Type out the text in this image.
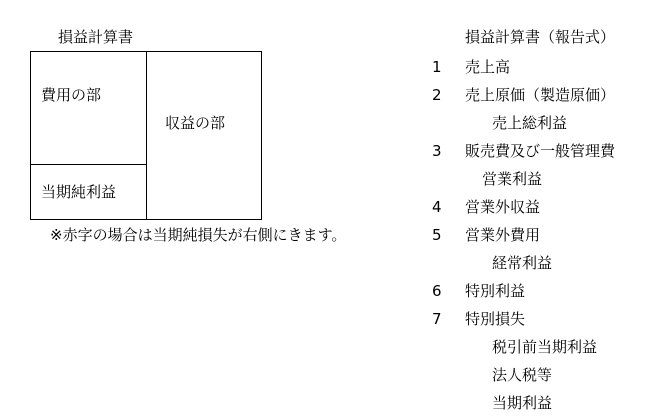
損益計算書
費用の部
当期純利益
収益の部
※赤字の場合は当期純損失が右側にきます。
損益計算書（報告式）
1 売上高
2 売上原価（製造原価）
売上総利益
3 販売費及び一般管理費
営業利益
4 営業外収益
5 営業外費用
経常利益
6 特別利益
7 特別損失
税引前当期利益
法人税等
当期利益
